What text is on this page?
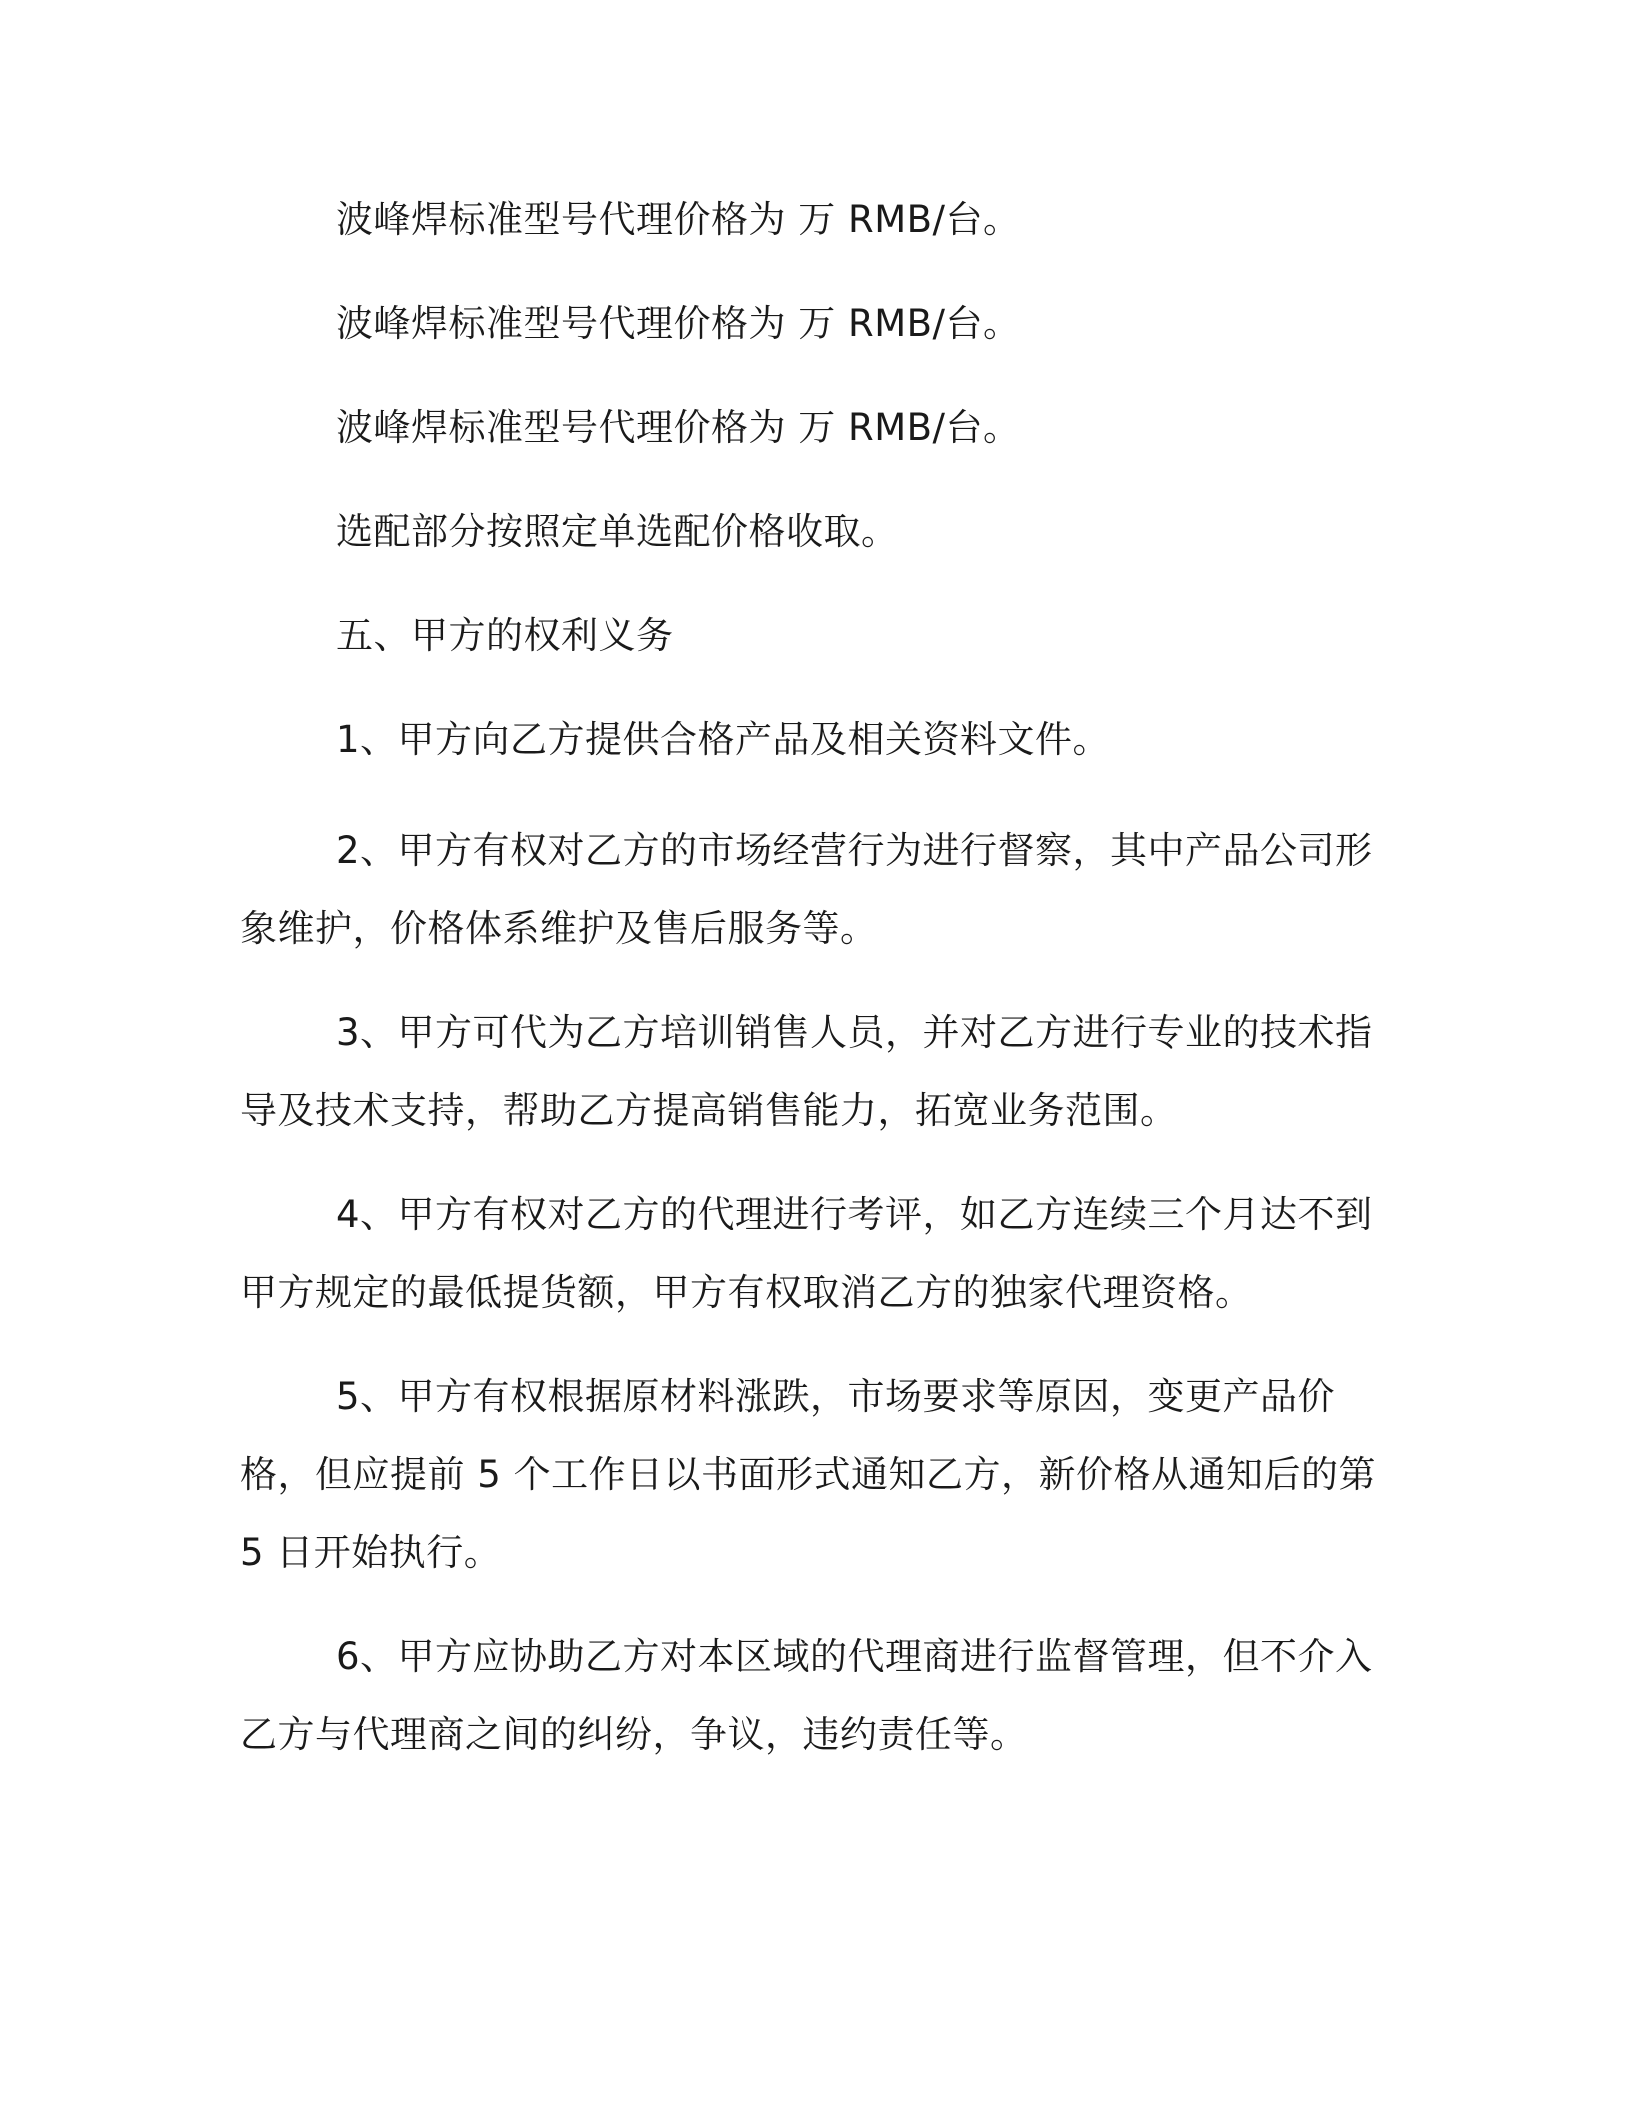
波峰焊标准型号代理价格为 万 RMB/台。

波峰焊标准型号代理价格为 万 RMB/台。

波峰焊标准型号代理价格为 万 RMB/台。

选配部分按照定单选配价格收取。

五、甲方的权利义务

1、甲方向乙方提供合格产品及相关资料文件。

2、甲方有权对乙方的市场经营行为进行督察，其中产品公司形象维护，价格体系维护及售后服务等。

3、甲方可代为乙方培训销售人员，并对乙方进行专业的技术指导及技术支持，帮助乙方提高销售能力，拓宽业务范围。

4、甲方有权对乙方的代理进行考评，如乙方连续三个月达不到甲方规定的最低提货额，甲方有权取消乙方的独家代理资格。

5、甲方有权根据原材料涨跌，市场要求等原因，变更产品价格，但应提前 5 个工作日以书面形式通知乙方，新价格从通知后的第 5 日开始执行。

6、甲方应协助乙方对本区域的代理商进行监督管理，但不介入乙方与代理商之间的纠纷，争议，违约责任等。
